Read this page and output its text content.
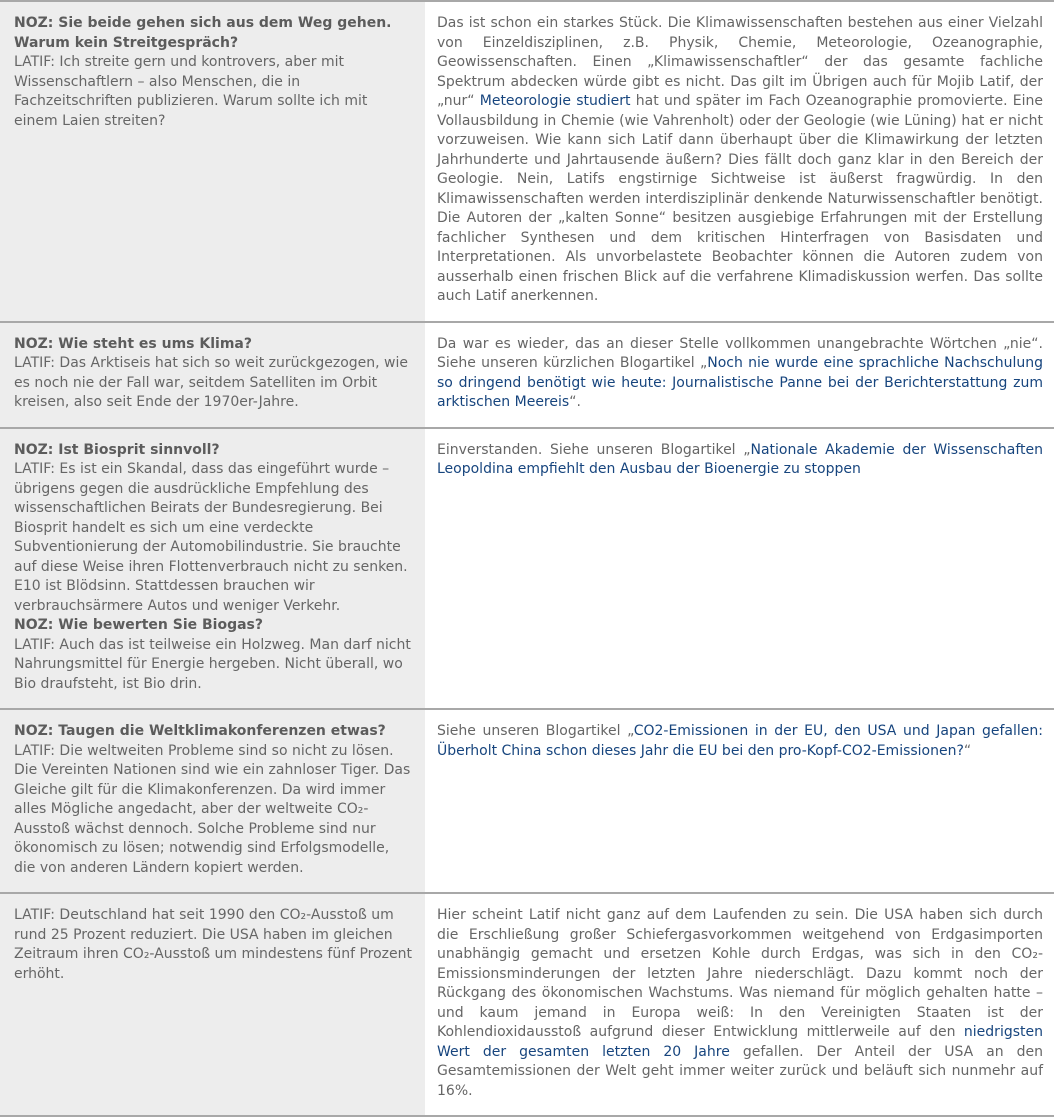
NOZ: Sie beide gehen sich aus dem Weg gehen. Warum kein Streitgespräch?
LATIF: Ich streite gern und kontrovers, aber mit Wissenschaftlern – also Menschen, die in Fachzeitschriften publizieren. Warum sollte ich mit einem Laien streiten?
Das ist schon ein starkes Stück. Die Klimawissenschaften bestehen aus einer Vielzahl von Einzeldisziplinen, z.B. Physik, Chemie, Meteorologie, Ozeanographie, Geowissenschaften. Einen „Klimawissenschaftler“ der das gesamte fachliche Spektrum abdecken würde gibt es nicht. Das gilt im Übrigen auch für Mojib Latif, der „nur“ Meteorologie studiert hat und später im Fach Ozeanographie promovierte. Eine Vollausbildung in Chemie (wie Vahrenholt) oder der Geologie (wie Lüning) hat er nicht vorzuweisen. Wie kann sich Latif dann überhaupt über die Klimawirkung der letzten Jahrhunderte und Jahrtausende äußern? Dies fällt doch ganz klar in den Bereich der Geologie. Nein, Latifs engstirnige Sichtweise ist äußerst fragwürdig. In den Klimawissenschaften werden interdisziplinär denkende Naturwissenschaftler benötigt. Die Autoren der „kalten Sonne“ besitzen ausgiebige Erfahrungen mit der Erstellung fachlicher Synthesen und dem kritischen Hinterfragen von Basisdaten und Interpretationen. Als unvorbelastete Beobachter können die Autoren zudem von ausserhalb einen frischen Blick auf die verfahrene Klimadiskussion werfen. Das sollte auch Latif anerkennen.
NOZ: Wie steht es ums Klima?
LATIF: Das Arktiseis hat sich so weit zurückgezogen, wie es noch nie der Fall war, seitdem Satelliten im Orbit kreisen, also seit Ende der 1970er-Jahre.
Da war es wieder, das an dieser Stelle vollkommen unangebrachte Wörtchen „nie“. Siehe unseren kürzlichen Blogartikel „Noch nie wurde eine sprachliche Nachschulung so dringend benötigt wie heute: Journalistische Panne bei der Berichterstattung zum arktischen Meereis“.
NOZ: Ist Biosprit sinnvoll?
LATIF: Es ist ein Skandal, dass das eingeführt wurde – übrigens gegen die ausdrückliche Empfehlung des wissenschaftlichen Beirats der Bundesregierung. Bei Biosprit handelt es sich um eine verdeckte Subventionierung der Automobilindustrie. Sie brauchte auf diese Weise ihren Flottenverbrauch nicht zu senken. E10 ist Blödsinn. Stattdessen brauchen wir verbrauchsärmere Autos und weniger Verkehr.
NOZ: Wie bewerten Sie Biogas?
LATIF: Auch das ist teilweise ein Holzweg. Man darf nicht Nahrungsmittel für Energie hergeben. Nicht überall, wo Bio draufsteht, ist Bio drin.
Einverstanden. Siehe unseren Blogartikel „Nationale Akademie der Wissenschaften Leopoldina empfiehlt den Ausbau der Bioenergie zu stoppen
NOZ: Taugen die Weltklimakonferenzen etwas?
LATIF: Die weltweiten Probleme sind so nicht zu lösen. Die Vereinten Nationen sind wie ein zahnloser Tiger. Das Gleiche gilt für die Klimakonferenzen. Da wird immer alles Mögliche angedacht, aber der weltweite CO₂-Ausstoß wächst dennoch. Solche Probleme sind nur ökonomisch zu lösen; notwendig sind Erfolgsmodelle, die von anderen Ländern kopiert werden.
Siehe unseren Blogartikel „CO2-Emissionen in der EU, den USA und Japan gefallen: Überholt China schon dieses Jahr die EU bei den pro-Kopf-CO2-Emissionen?“
LATIF: Deutschland hat seit 1990 den CO₂-Ausstoß um rund 25 Prozent reduziert. Die USA haben im gleichen Zeitraum ihren CO₂-Ausstoß um mindestens fünf Prozent erhöht.
Hier scheint Latif nicht ganz auf dem Laufenden zu sein. Die USA haben sich durch die Erschließung großer Schiefergasvorkommen weitgehend von Erdgasimporten unabhängig gemacht und ersetzen Kohle durch Erdgas, was sich in den CO₂-Emissionsminderungen der letzten Jahre niederschlägt. Dazu kommt noch der Rückgang des ökonomischen Wachstums. Was niemand für möglich gehalten hatte – und kaum jemand in Europa weiß: In den Vereinigten Staaten ist der Kohlendioxidausstoß aufgrund dieser Entwicklung mittlerweile auf den niedrigsten Wert der gesamten letzten 20 Jahre gefallen. Der Anteil der USA an den Gesamtemissionen der Welt geht immer weiter zurück und beläuft sich nunmehr auf 16%.
